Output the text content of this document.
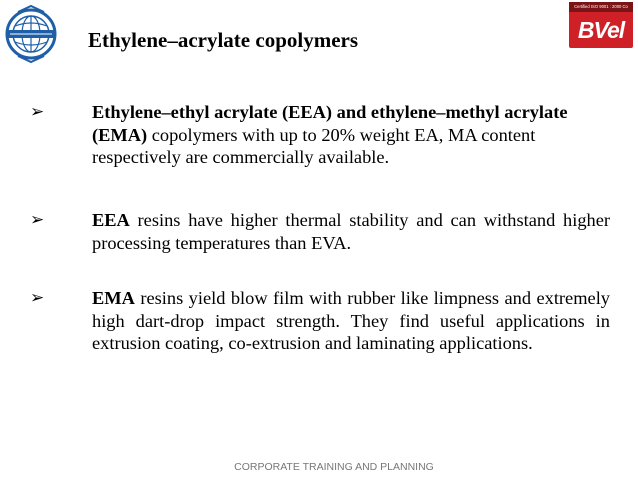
Certified ISO 9001 : 2000 Co
BVel
Ethylene–acrylate copolymers
➢	Ethylene–ethyl acrylate (EEA) and ethylene–methyl acrylate (EMA) copolymers with up to 20% weight EA, MA content respectively are commercially available.
➢	EEA resins have higher thermal stability and can withstand higher processing temperatures than EVA.
➢	EMA resins yield blow film with rubber like limpness and extremely high dart-drop impact strength. They find useful applications in extrusion coating, co-extrusion and laminating applications.
CORPORATE TRAINING AND PLANNING
